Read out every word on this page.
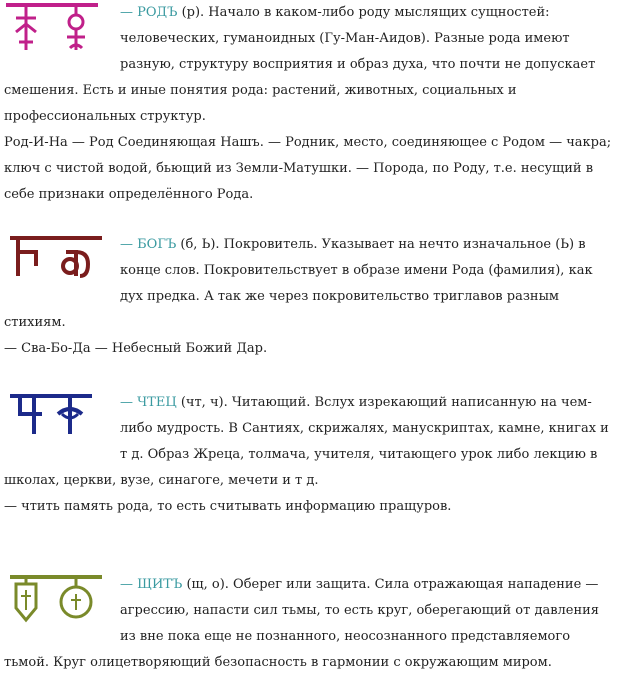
— РОДЪ (р). Начало в каком-либо роду мыслящих сущностей: человеческих, гуманоидных (Гу-Ман-Аидов). Разные рода имеют разную, структуру восприятия и образ духа, что почти не допускает смешения. Есть и иные понятия рода: растений, животных, социальных и профессиональных структур.

Род-И-На — Род Соединяющая Нашъ. — Родник, место, соединяющее с Родом — чакра; ключ с чистой водой, бьющий из Земли-Матушки. — Порода, по Роду, т.е. несущий в себе признаки определённого Рода.

— БОГЪ (б, Ь). Покровитель. Указывает на нечто изначальное (Ь) в конце слов. Покровительствует в образе имени Рода (фамилия), как дух предка. А так же через покровительство триглавов разным стихиям.

— Сва-Бо-Да — Небесный Божий Дар.

— ЧТЕЦ (чт, ч). Читающий. Вслух изрекающий написанную на чем-либо мудрость. В Сантиях, скрижалях, манускриптах, камне, книгах и т д. Образ Жреца, толмача, учителя, читающего урок либо лекцию в школах, церкви, вузе, синагоге, мечети и т д.

— чтить память рода, то есть считывать информацию пращуров.

— ЩИТЪ (щ, о). Оберег или защита. Сила отражающая нападение — агрессию, напасти сил тьмы, то есть круг, оберегающий от давления из вне пока еще не познанного, неосознанного представляемого тьмой. Круг олицетворяющий безопасность в гармонии с окружающим миром.
